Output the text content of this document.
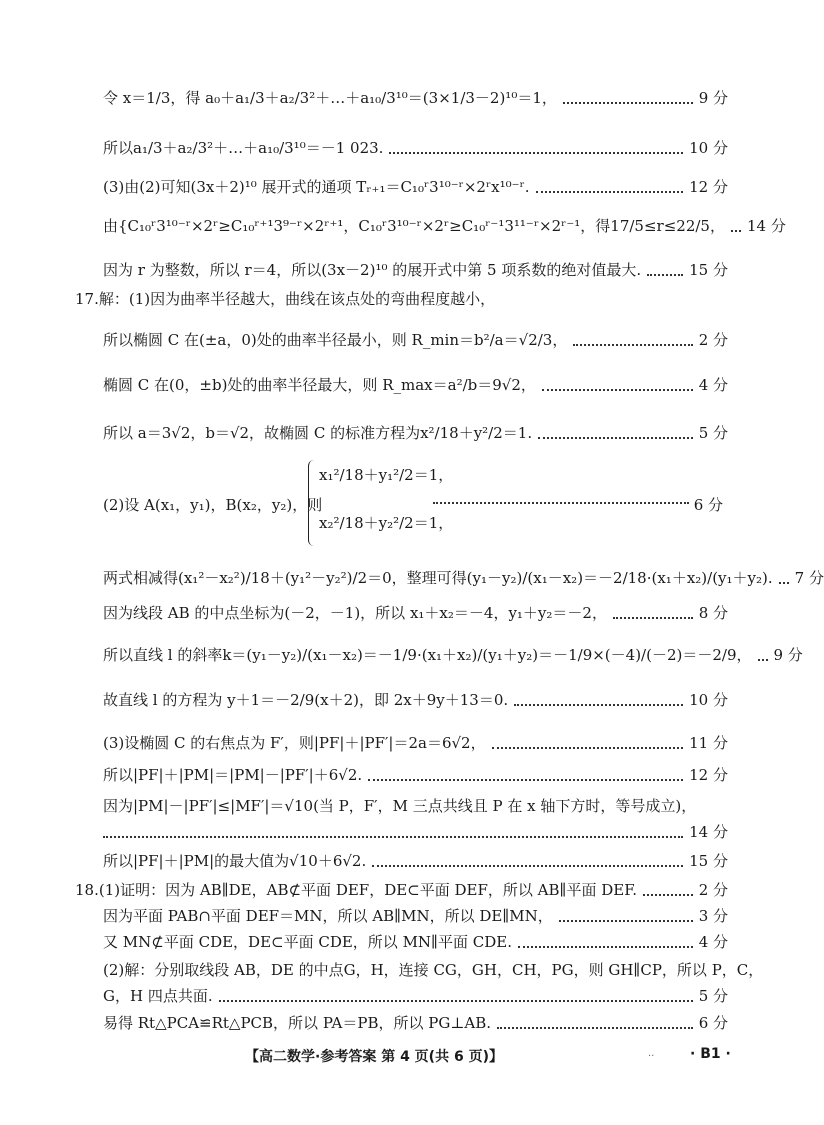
令 x＝1/3，得 a₀＋a₁/3＋a₂/3²＋…＋a₁₀/3¹⁰＝(3×1/3－2)¹⁰＝1，	9 分
所以a₁/3＋a₂/3²＋…＋a₁₀/3¹⁰＝－1 023.	10 分
(3)由(2)可知(3x＋2)¹⁰ 展开式的通项 Tᵣ₊₁＝C₁₀ʳ3¹⁰⁻ʳ×2ʳx¹⁰⁻ʳ.	12 分
由{C₁₀ʳ3¹⁰⁻ʳ×2ʳ≥C₁₀ʳ⁺¹3⁹⁻ʳ×2ʳ⁺¹，C₁₀ʳ3¹⁰⁻ʳ×2ʳ≥C₁₀ʳ⁻¹3¹¹⁻ʳ×2ʳ⁻¹，得17/5≤r≤22/5， 14 分
因为 r 为整数，所以 r＝4，所以(3x－2)¹⁰ 的展开式中第 5 项系数的绝对值最大.	15 分
17.解：(1)因为曲率半径越大，曲线在该点处的弯曲程度越小，
所以椭圆 C 在(±a，0)处的曲率半径最小，则 R_min＝b²/a＝√2/3，	2 分
椭圆 C 在(0，±b)处的曲率半径最大，则 R_max＝a²/b＝9√2，	4 分
所以 a＝3√2，b＝√2，故椭圆 C 的标准方程为x²/18＋y²/2＝1.	5 分
(2)设 A(x₁，y₁)，B(x₂，y₂)，则
x₁²/18＋y₁²/2＝1，
x₂²/18＋y₂²/2＝1，
6 分
两式相减得(x₁²－x₂²)/18＋(y₁²－y₂²)/2＝0，整理可得(y₁－y₂)/(x₁－x₂)＝－2/18·(x₁＋x₂)/(y₁＋y₂). 7 分
因为线段 AB 的中点坐标为(－2，－1)，所以 x₁＋x₂＝－4，y₁＋y₂＝－2，	8 分
所以直线 l 的斜率k＝(y₁－y₂)/(x₁－x₂)＝－1/9·(x₁＋x₂)/(y₁＋y₂)＝－1/9×(－4)/(－2)＝－2/9， 9 分
故直线 l 的方程为 y＋1＝－2/9(x＋2)，即 2x＋9y＋13＝0.	10 分
(3)设椭圆 C 的右焦点为 F′，则|PF|＋|PF′|＝2a＝6√2，	11 分
所以|PF|＋|PM|＝|PM|－|PF′|＋6√2.	12 分
因为|PM|－|PF′|≤|MF′|＝√10(当 P，F′，M 三点共线且 P 在 x 轴下方时，等号成立)，
14 分
所以|PF|＋|PM|的最大值为√10＋6√2.	15 分
18.(1)证明：因为 AB∥DE，AB⊄平面 DEF，DE⊂平面 DEF，所以 AB∥平面 DEF.	2 分
因为平面 PAB∩平面 DEF＝MN，所以 AB∥MN，所以 DE∥MN，	3 分
又 MN⊄平面 CDE，DE⊂平面 CDE，所以 MN∥平面 CDE.	4 分
(2)解：分别取线段 AB，DE 的中点G，H，连接 CG，GH，CH，PG，则 GH∥CP，所以 P，C，
G，H 四点共面.	5 分
易得 Rt△PCA≌Rt△PCB，所以 PA＝PB，所以 PG⊥AB.	6 分
【高二数学·参考答案 第 4 页(共 6 页)】	..	· B1 ·
